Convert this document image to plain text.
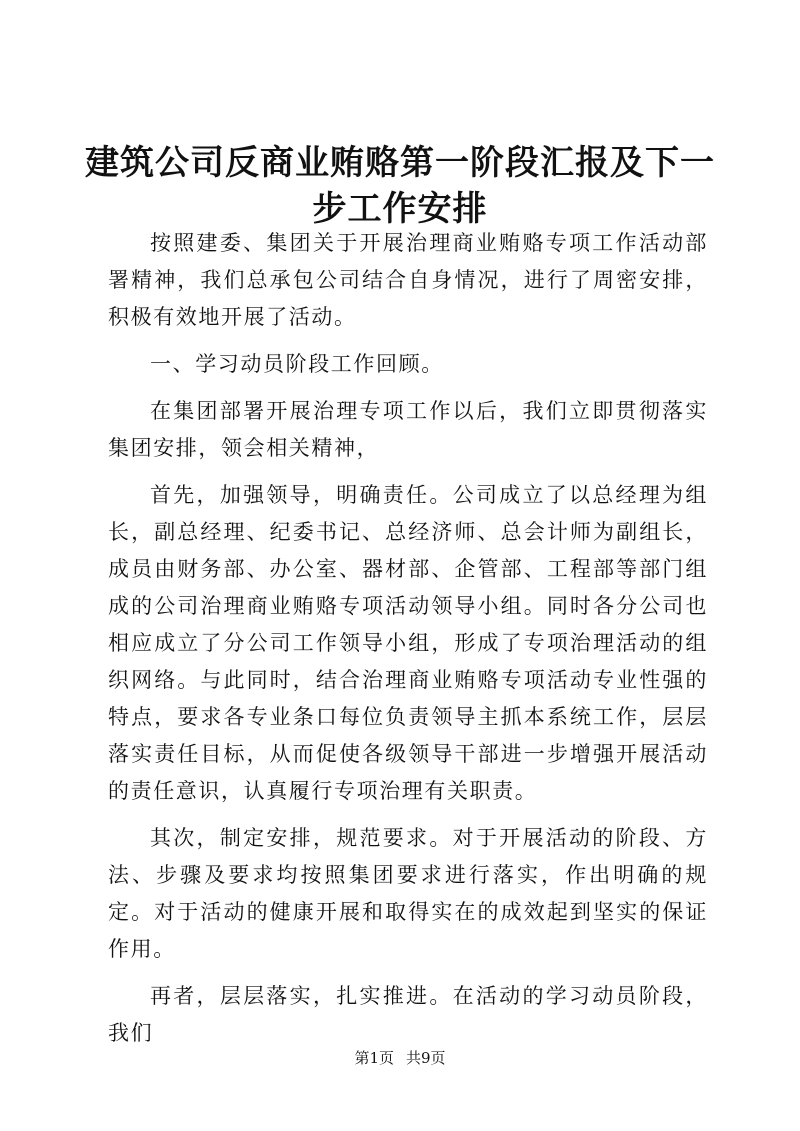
建筑公司反商业贿赂第一阶段汇报及下一步工作安排

按照建委、集团关于开展治理商业贿赂专项工作活动部署精神，我们总承包公司结合自身情况，进行了周密安排，积极有效地开展了活动。

一、学习动员阶段工作回顾。

在集团部署开展治理专项工作以后，我们立即贯彻落实集团安排，领会相关精神，

首先，加强领导，明确责任。公司成立了以总经理为组长，副总经理、纪委书记、总经济师、总会计师为副组长，成员由财务部、办公室、器材部、企管部、工程部等部门组成的公司治理商业贿赂专项活动领导小组。同时各分公司也相应成立了分公司工作领导小组，形成了专项治理活动的组织网络。与此同时，结合治理商业贿赂专项活动专业性强的特点，要求各专业条口每位负责领导主抓本系统工作，层层落实责任目标，从而促使各级领导干部进一步增强开展活动的责任意识，认真履行专项治理有关职责。

其次，制定安排，规范要求。对于开展活动的阶段、方法、步骤及要求均按照集团要求进行落实，作出明确的规定。对于活动的健康开展和取得实在的成效起到坚实的保证作用。

再者，层层落实，扎实推进。在活动的学习动员阶段，我们

第1页 共9页
